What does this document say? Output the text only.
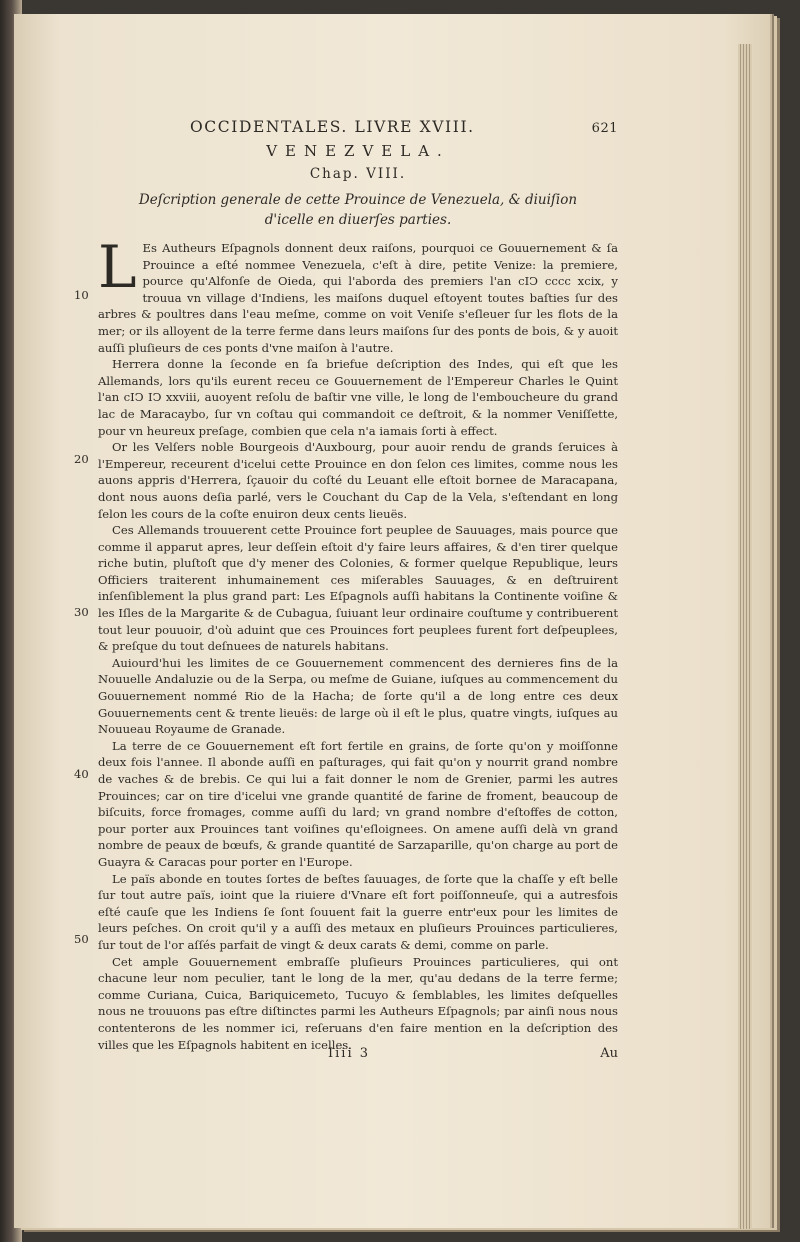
10
20
30
40
50
OCCIDENTALES. LIVRE XVIII.	621
VENEZVELA.
Chap. VIII.
Deſcription generale de cette Prouince de Venezuela, & diuiſion d'icelle en diuerſes parties.

L Es Autheurs Eſpagnols donnent deux raiſons, pourquoi ce Gouuernement & ſa Prouince a eſté nommee Venezuela, c'eſt à dire, petite Venize: la premiere, pource qu'Alfonſe de Oieda, qui l'aborda des premiers l'an cIↃ cccc xcix, y trouua vn village d'Indiens, les maiſons duquel eſtoyent toutes baſties ſur des arbres & poultres dans l'eau meſme, comme on voit Veniſe s'eſleuer ſur les flots de la mer; or ils alloyent de la terre ferme dans leurs maiſons ſur des ponts de bois, & y auoit auſſi pluſieurs de ces ponts d'vne maiſon à l'autre.

Herrera donne la ſeconde en ſa briefue deſcription des Indes, qui eſt que les Allemands, lors qu'ils eurent receu ce Gouuernement de l'Empereur Charles le Quint l'an cIↃ IↃ xxviii, auoyent reſolu de baſtir vne ville, le long de l'emboucheure du grand lac de Maracaybo, ſur vn coſtau qui commandoit ce deſtroit, & la nommer Veniſſette, pour vn heureux preſage, combien que cela n'a iamais ſorti à effect.

Or les Velſers noble Bourgeois d'Auxbourg, pour auoir rendu de grands ſeruices à l'Empereur, receurent d'icelui cette Prouince en don ſelon ces limites, comme nous les auons appris d'Herrera, ſçauoir du coſté du Leuant elle eſtoit bornee de Maracapana, dont nous auons deſia parlé, vers le Couchant du Cap de la Vela, s'eſtendant en long ſelon les cours de la coſte enuiron deux cents lieuës.

Ces Allemands trouuerent cette Prouince fort peuplee de Sauuages, mais pource que comme il apparut apres, leur deſſein eſtoit d'y faire leurs affaires, & d'en tirer quelque riche butin, pluſtoſt que d'y mener des Colonies, & former quelque Republique, leurs Officiers traiterent inhumainement ces miſerables Sauuages, & en deſtruirent inſenſiblement la plus grand part: Les Eſpagnols auſſi habitans la Continente voiſine & les Iſles de la Margarite & de Cubagua, ſuiuant leur ordinaire couſtume y contribuerent tout leur pouuoir, d'où aduint que ces Prouinces fort peuplees furent fort deſpeuplees, & preſque du tout deſnuees de naturels habitans.

Auiourd'hui les limites de ce Gouuernement commencent des dernieres fins de la Nouuelle Andaluzie ou de la Serpa, ou meſme de Guiane, iuſques au commencement du Gouuernement nommé Rio de la Hacha; de ſorte qu'il a de long entre ces deux Gouuernements cent & trente lieuës: de large où il eſt le plus, quatre vingts, iuſques au Nouueau Royaume de Granade.

La terre de ce Gouuernement eſt fort fertile en grains, de ſorte qu'on y moiſſonne deux fois l'annee. Il abonde auſſi en paſturages, qui fait qu'on y nourrit grand nombre de vaches & de brebis. Ce qui lui a fait donner le nom de Grenier, parmi les autres Prouinces; car on tire d'icelui vne grande quantité de farine de froment, beaucoup de biſcuits, force fromages, comme auſſi du lard; vn grand nombre d'eſtoffes de cotton, pour porter aux Prouinces tant voiſines qu'eſloignees. On amene auſſi delà vn grand nombre de peaux de bœufs, & grande quantité de Sarzaparille, qu'on charge au port de Guayra & Caracas pour porter en l'Europe.

Le païs abonde en toutes ſortes de beſtes ſauuages, de ſorte que la chaſſe y eſt belle ſur tout autre païs, ioint que la riuiere d'Vnare eſt fort poiſſonneuſe, qui a autresfois eſté cauſe que les Indiens ſe ſont ſouuent fait la guerre entr'eux pour les limites de leurs peſches. On croit qu'il y a auſſi des metaux en pluſieurs Prouinces particulieres, ſur tout de l'or aſſés parfait de vingt & deux carats & demi, comme on parle.

Cet ample Gouuernement embraſſe pluſieurs Prouinces particulieres, qui ont chacune leur nom peculier, tant le long de la mer, qu'au dedans de la terre ferme; comme Curiana, Cuica, Bariquicemeto, Tucuyo & ſemblables, les limites deſquelles nous ne trouuons pas eſtre diſtinctes parmi les Autheurs Eſpagnols; par ainſi nous nous contenterons de les nommer ici, reſeruans d'en faire mention en la deſcription des villes que les Eſpagnols habitent en icelles.

Iiii 3	Au
